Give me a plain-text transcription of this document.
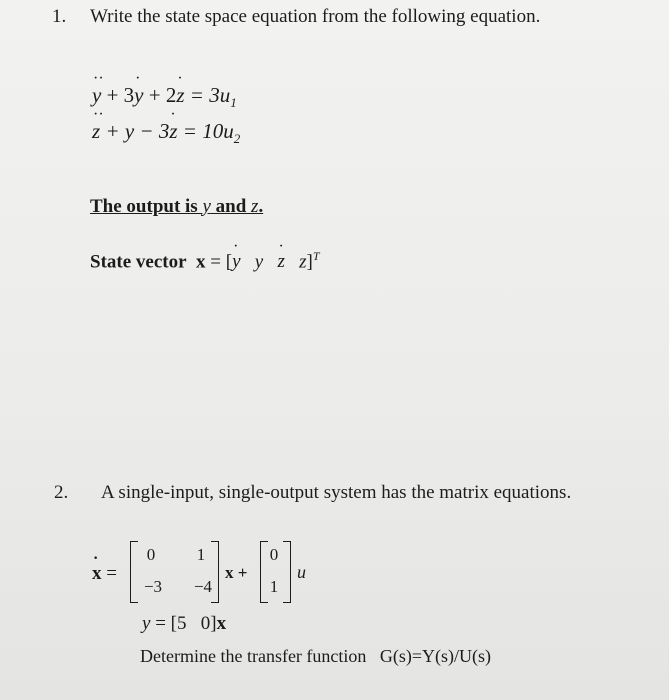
1. Write the state space equation from the following equation.
·· $y + 3\cdot y + 2\cdot z = 3u_1$
·· $z + y - 3\cdot z = 10u_2$
The output is y and z.
State vector x = [· y y   · z z]$^T$
2. A single-input, single-output system has the matrix equations.
· x =
0	1
−3 −4
x +
0
1
u
y = [5   0]x
Determine the transfer function G(s)=Y(s)/U(s)
